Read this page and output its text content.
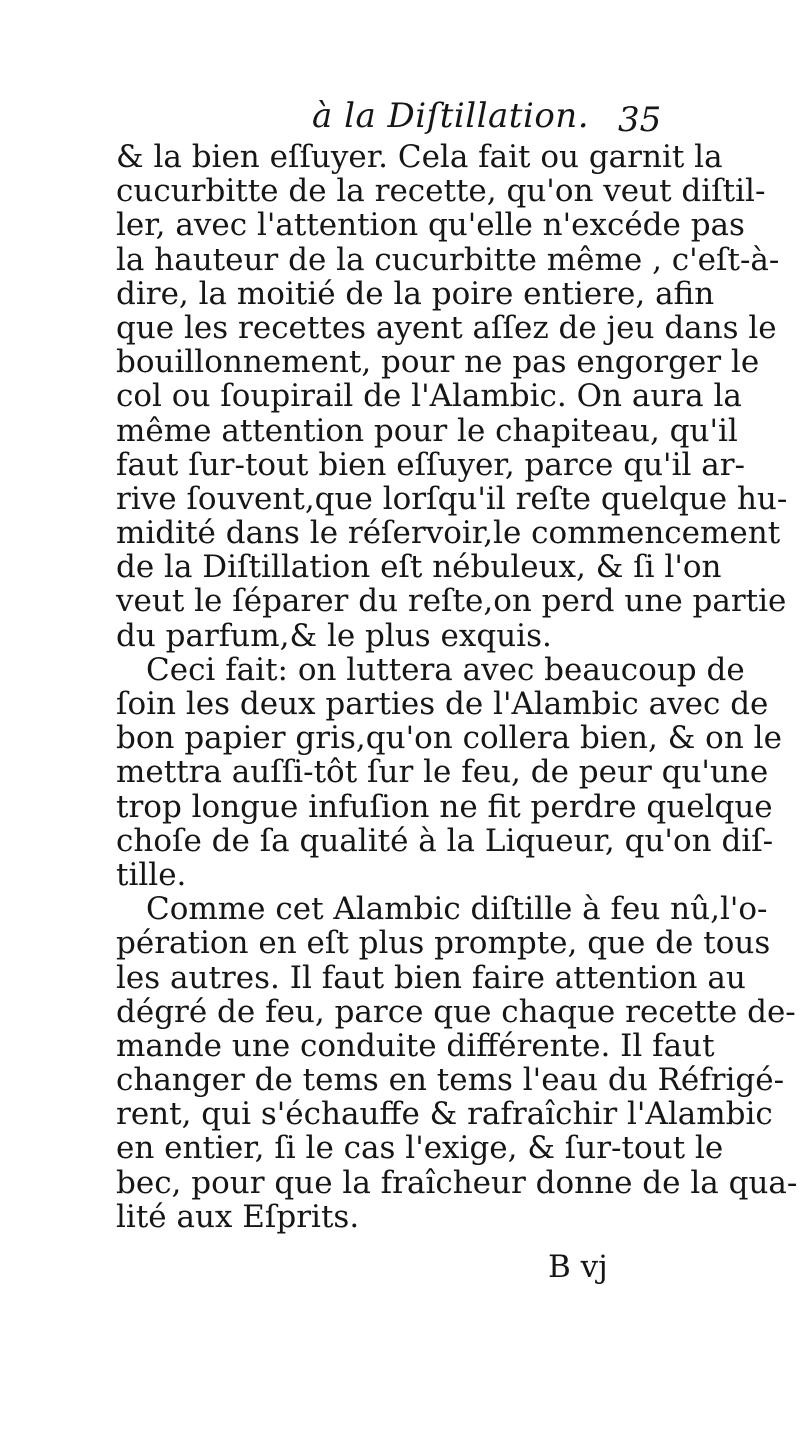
à la Diſtillation. 35
& la bien eſſuyer. Cela fait ou garnit la
cucurbitte de la recette, qu'on veut diſtil-
ler, avec l'attention qu'elle n'excéde pas
la hauteur de la cucurbitte même , c'eſt-à-
dire, la moitié de la poire entiere, afin
que les recettes ayent aſſez de jeu dans le
bouillonnement, pour ne pas engorger le
col ou ſoupirail de l'Alambic. On aura la
même attention pour le chapiteau, qu'il
faut ſur-tout bien eſſuyer, parce qu'il ar-
rive ſouvent,que lorſqu'il reſte quelque hu-
midité dans le réſervoir,le commencement
de la Diſtillation eſt nébuleux, & ſi l'on
veut le ſéparer du reſte,on perd une partie
du parfum,& le plus exquis.
Ceci fait: on luttera avec beaucoup de
ſoin les deux parties de l'Alambic avec de
bon papier gris,qu'on collera bien, & on le
mettra auſſi-tôt ſur le feu, de peur qu'une
trop longue infuſion ne fit perdre quelque
choſe de ſa qualité à la Liqueur, qu'on diſ-
tille.
Comme cet Alambic diſtille à feu nû,l'o-
pération en eſt plus prompte, que de tous
les autres. Il faut bien faire attention au
dégré de feu, parce que chaque recette de-
mande une conduite différente. Il faut
changer de tems en tems l'eau du Réfrigé-
rent, qui s'échauffe & rafraîchir l'Alambic
en entier, ſi le cas l'exige, & ſur-tout le
bec, pour que la fraîcheur donne de la qua-
lité aux Eſprits.
B vj
